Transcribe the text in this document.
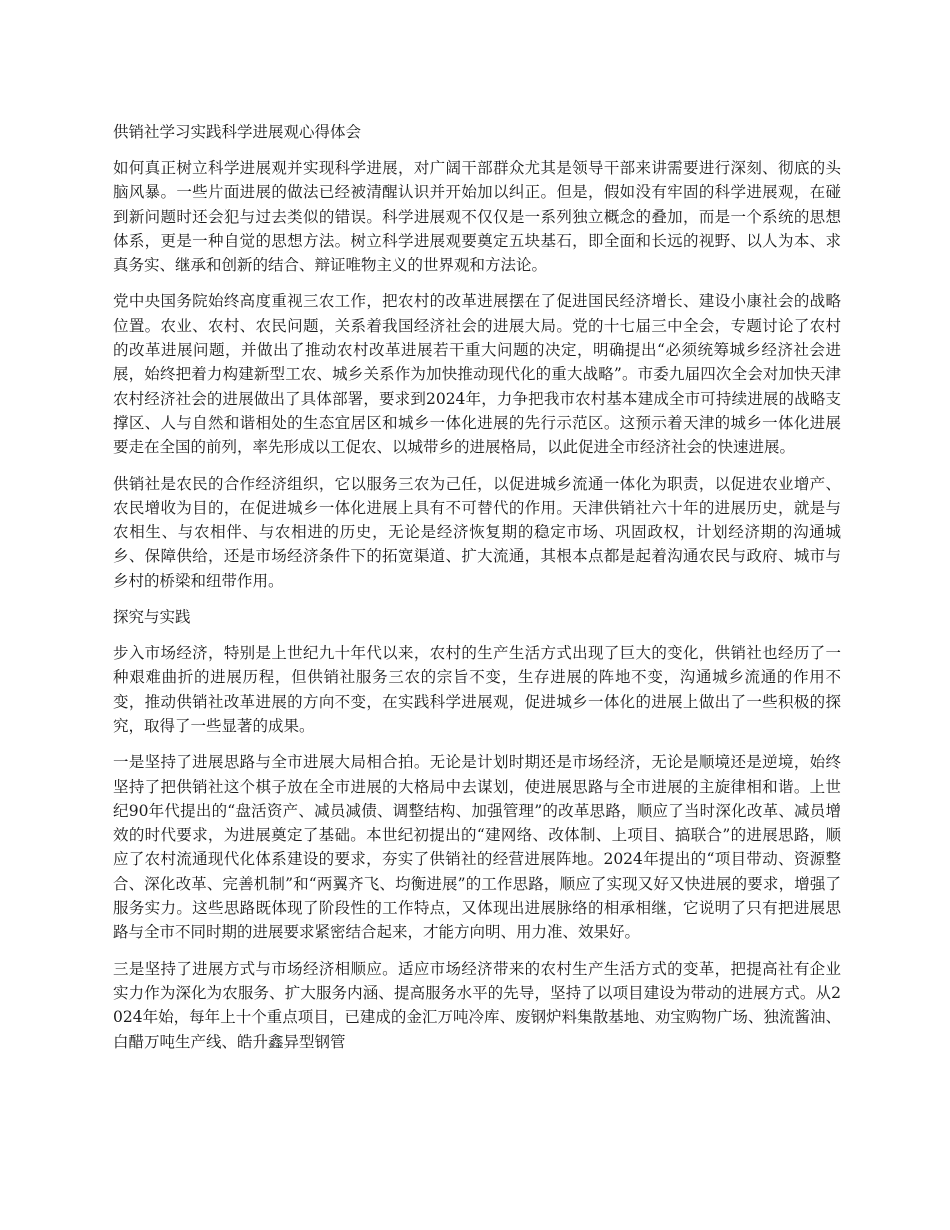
供销社学习实践科学进展观心得体会

如何真正树立科学进展观并实现科学进展，对广阔干部群众尤其是领导干部来讲需要进行深刻、彻底的头脑风暴。一些片面进展的做法已经被清醒认识并开始加以纠正。但是，假如没有牢固的科学进展观，在碰到新问题时还会犯与过去类似的错误。科学进展观不仅仅是一系列独立概念的叠加，而是一个系统的思想体系，更是一种自觉的思想方法。树立科学进展观要奠定五块基石，即全面和长远的视野、以人为本、求真务实、继承和创新的结合、辩证唯物主义的世界观和方法论。

党中央国务院始终高度重视三农工作，把农村的改革进展摆在了促进国民经济增长、建设小康社会的战略位置。农业、农村、农民问题，关系着我国经济社会的进展大局。党的十七届三中全会，专题讨论了农村的改革进展问题，并做出了推动农村改革进展若干重大问题的决定，明确提出“必须统筹城乡经济社会进展，始终把着力构建新型工农、城乡关系作为加快推动现代化的重大战略”。市委九届四次全会对加快天津农村经济社会的进展做出了具体部署，要求到2024年，力争把我市农村基本建成全市可持续进展的战略支撑区、人与自然和谐相处的生态宜居区和城乡一体化进展的先行示范区。这预示着天津的城乡一体化进展要走在全国的前列，率先形成以工促农、以城带乡的进展格局，以此促进全市经济社会的快速进展。

供销社是农民的合作经济组织，它以服务三农为己任，以促进城乡流通一体化为职责，以促进农业增产、农民增收为目的，在促进城乡一体化进展上具有不可替代的作用。天津供销社六十年的进展历史，就是与农相生、与农相伴、与农相进的历史，无论是经济恢复期的稳定市场、巩固政权，计划经济期的沟通城乡、保障供给，还是市场经济条件下的拓宽渠道、扩大流通，其根本点都是起着沟通农民与政府、城市与乡村的桥梁和纽带作用。

探究与实践

步入市场经济，特别是上世纪九十年代以来，农村的生产生活方式出现了巨大的变化，供销社也经历了一种艰难曲折的进展历程，但供销社服务三农的宗旨不变，生存进展的阵地不变，沟通城乡流通的作用不变，推动供销社改革进展的方向不变，在实践科学进展观，促进城乡一体化的进展上做出了一些积极的探究，取得了一些显著的成果。

一是坚持了进展思路与全市进展大局相合拍。无论是计划时期还是市场经济，无论是顺境还是逆境，始终坚持了把供销社这个棋子放在全市进展的大格局中去谋划，使进展思路与全市进展的主旋律相和谐。上世纪90年代提出的“盘活资产、减员减债、调整结构、加强管理”的改革思路，顺应了当时深化改革、减员增效的时代要求，为进展奠定了基础。本世纪初提出的“建网络、改体制、上项目、搞联合”的进展思路，顺应了农村流通现代化体系建设的要求，夯实了供销社的经营进展阵地。2024年提出的“项目带动、资源整合、深化改革、完善机制”和“两翼齐飞、均衡进展”的工作思路，顺应了实现又好又快进展的要求，增强了服务实力。这些思路既体现了阶段性的工作特点，又体现出进展脉络的相承相继，它说明了只有把进展思路与全市不同时期的进展要求紧密结合起来，才能方向明、用力准、效果好。

三是坚持了进展方式与市场经济相顺应。适应市场经济带来的农村生产生活方式的变革，把提高社有企业实力作为深化为农服务、扩大服务内涵、提高服务水平的先导，坚持了以项目建设为带动的进展方式。从2024年始，每年上十个重点项目，已建成的金汇万吨冷库、废钢炉料集散基地、劝宝购物广场、独流酱油、白醋万吨生产线、皓升鑫异型钢管
